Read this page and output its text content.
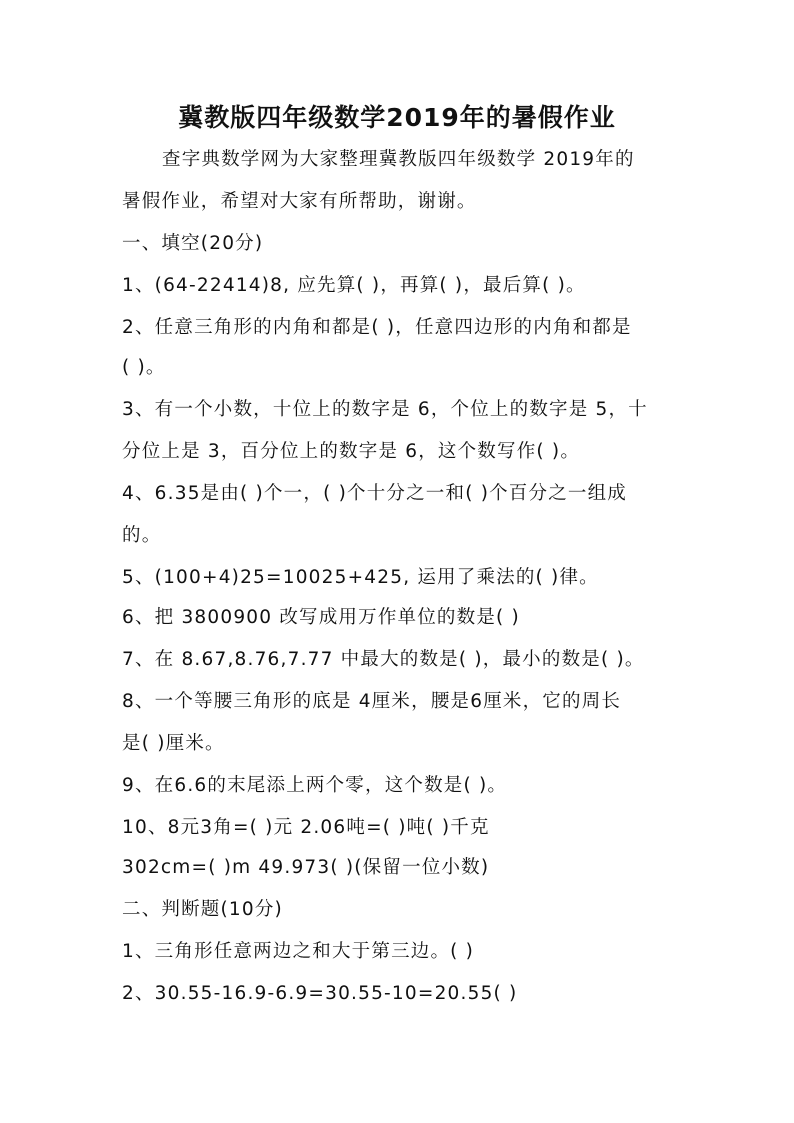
冀教版四年级数学2019年的暑假作业
查字典数学网为大家整理冀教版四年级数学 2019年的
暑假作业，希望对大家有所帮助，谢谢。
一、填空(20分)
1、(64-22414)8, 应先算( )，再算( )，最后算( )。
2、任意三角形的内角和都是( )，任意四边形的内角和都是
( )。
3、有一个小数，十位上的数字是 6，个位上的数字是 5，十
分位上是 3，百分位上的数字是 6，这个数写作( )。
4、6.35是由( )个一，( )个十分之一和( )个百分之一组成
的。
5、(100+4)25=10025+425, 运用了乘法的( )律。
6、把 3800900 改写成用万作单位的数是( )
7、在 8.67,8.76,7.77 中最大的数是( )，最小的数是( )。
8、一个等腰三角形的底是 4厘米，腰是6厘米，它的周长
是( )厘米。
9、在6.6的末尾添上两个零，这个数是( )。
10、8元3角=( )元 2.06吨=( )吨( )千克
302cm=( )m 49.973( )(保留一位小数)
二、判断题(10分)
1、三角形任意两边之和大于第三边。( )
2、30.55-16.9-6.9=30.55-10=20.55( )
